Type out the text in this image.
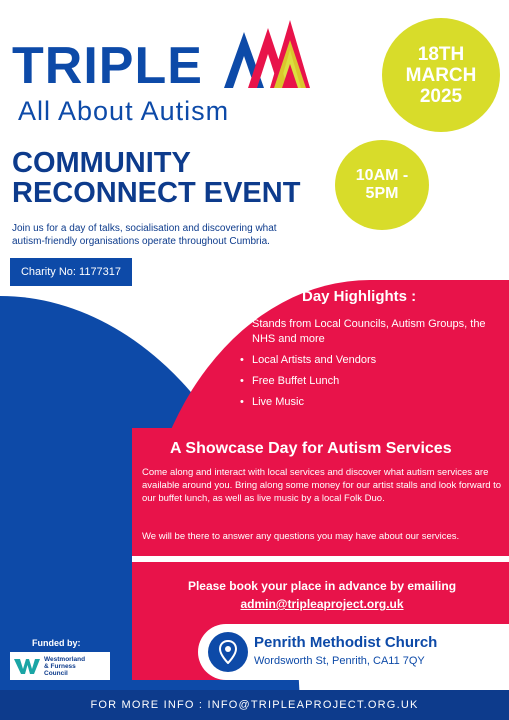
TRIPLE
All About Autism
18TH
MARCH
2025
10AM -
5PM
COMMUNITY
RECONNECT EVENT
Join us for a day of talks, socialisation and discovering what autism-friendly organisations operate throughout Cumbria.
Charity No: 1177317
Day Highlights :
• Stands from Local Councils, Autism Groups, the NHS and more
• Local Artists and Vendors
• Free Buffet Lunch
• Live Music
A Showcase Day for Autism Services
Come along and interact with local services and discover what autism services are available around you. Bring along some money for our artist stalls and look forward to our buffet lunch, as well as live music by a local Folk Duo.
We will be there to answer any questions you may have about our services.
Please book your place in advance by emailing
admin@tripleaproject.org.uk
Penrith Methodist Church
Wordsworth St, Penrith, CA11 7QY
Funded by:
Westmorland
& Furness
Council
FOR MORE INFO : INFO@TRIPLEAPROJECT.ORG.UK
